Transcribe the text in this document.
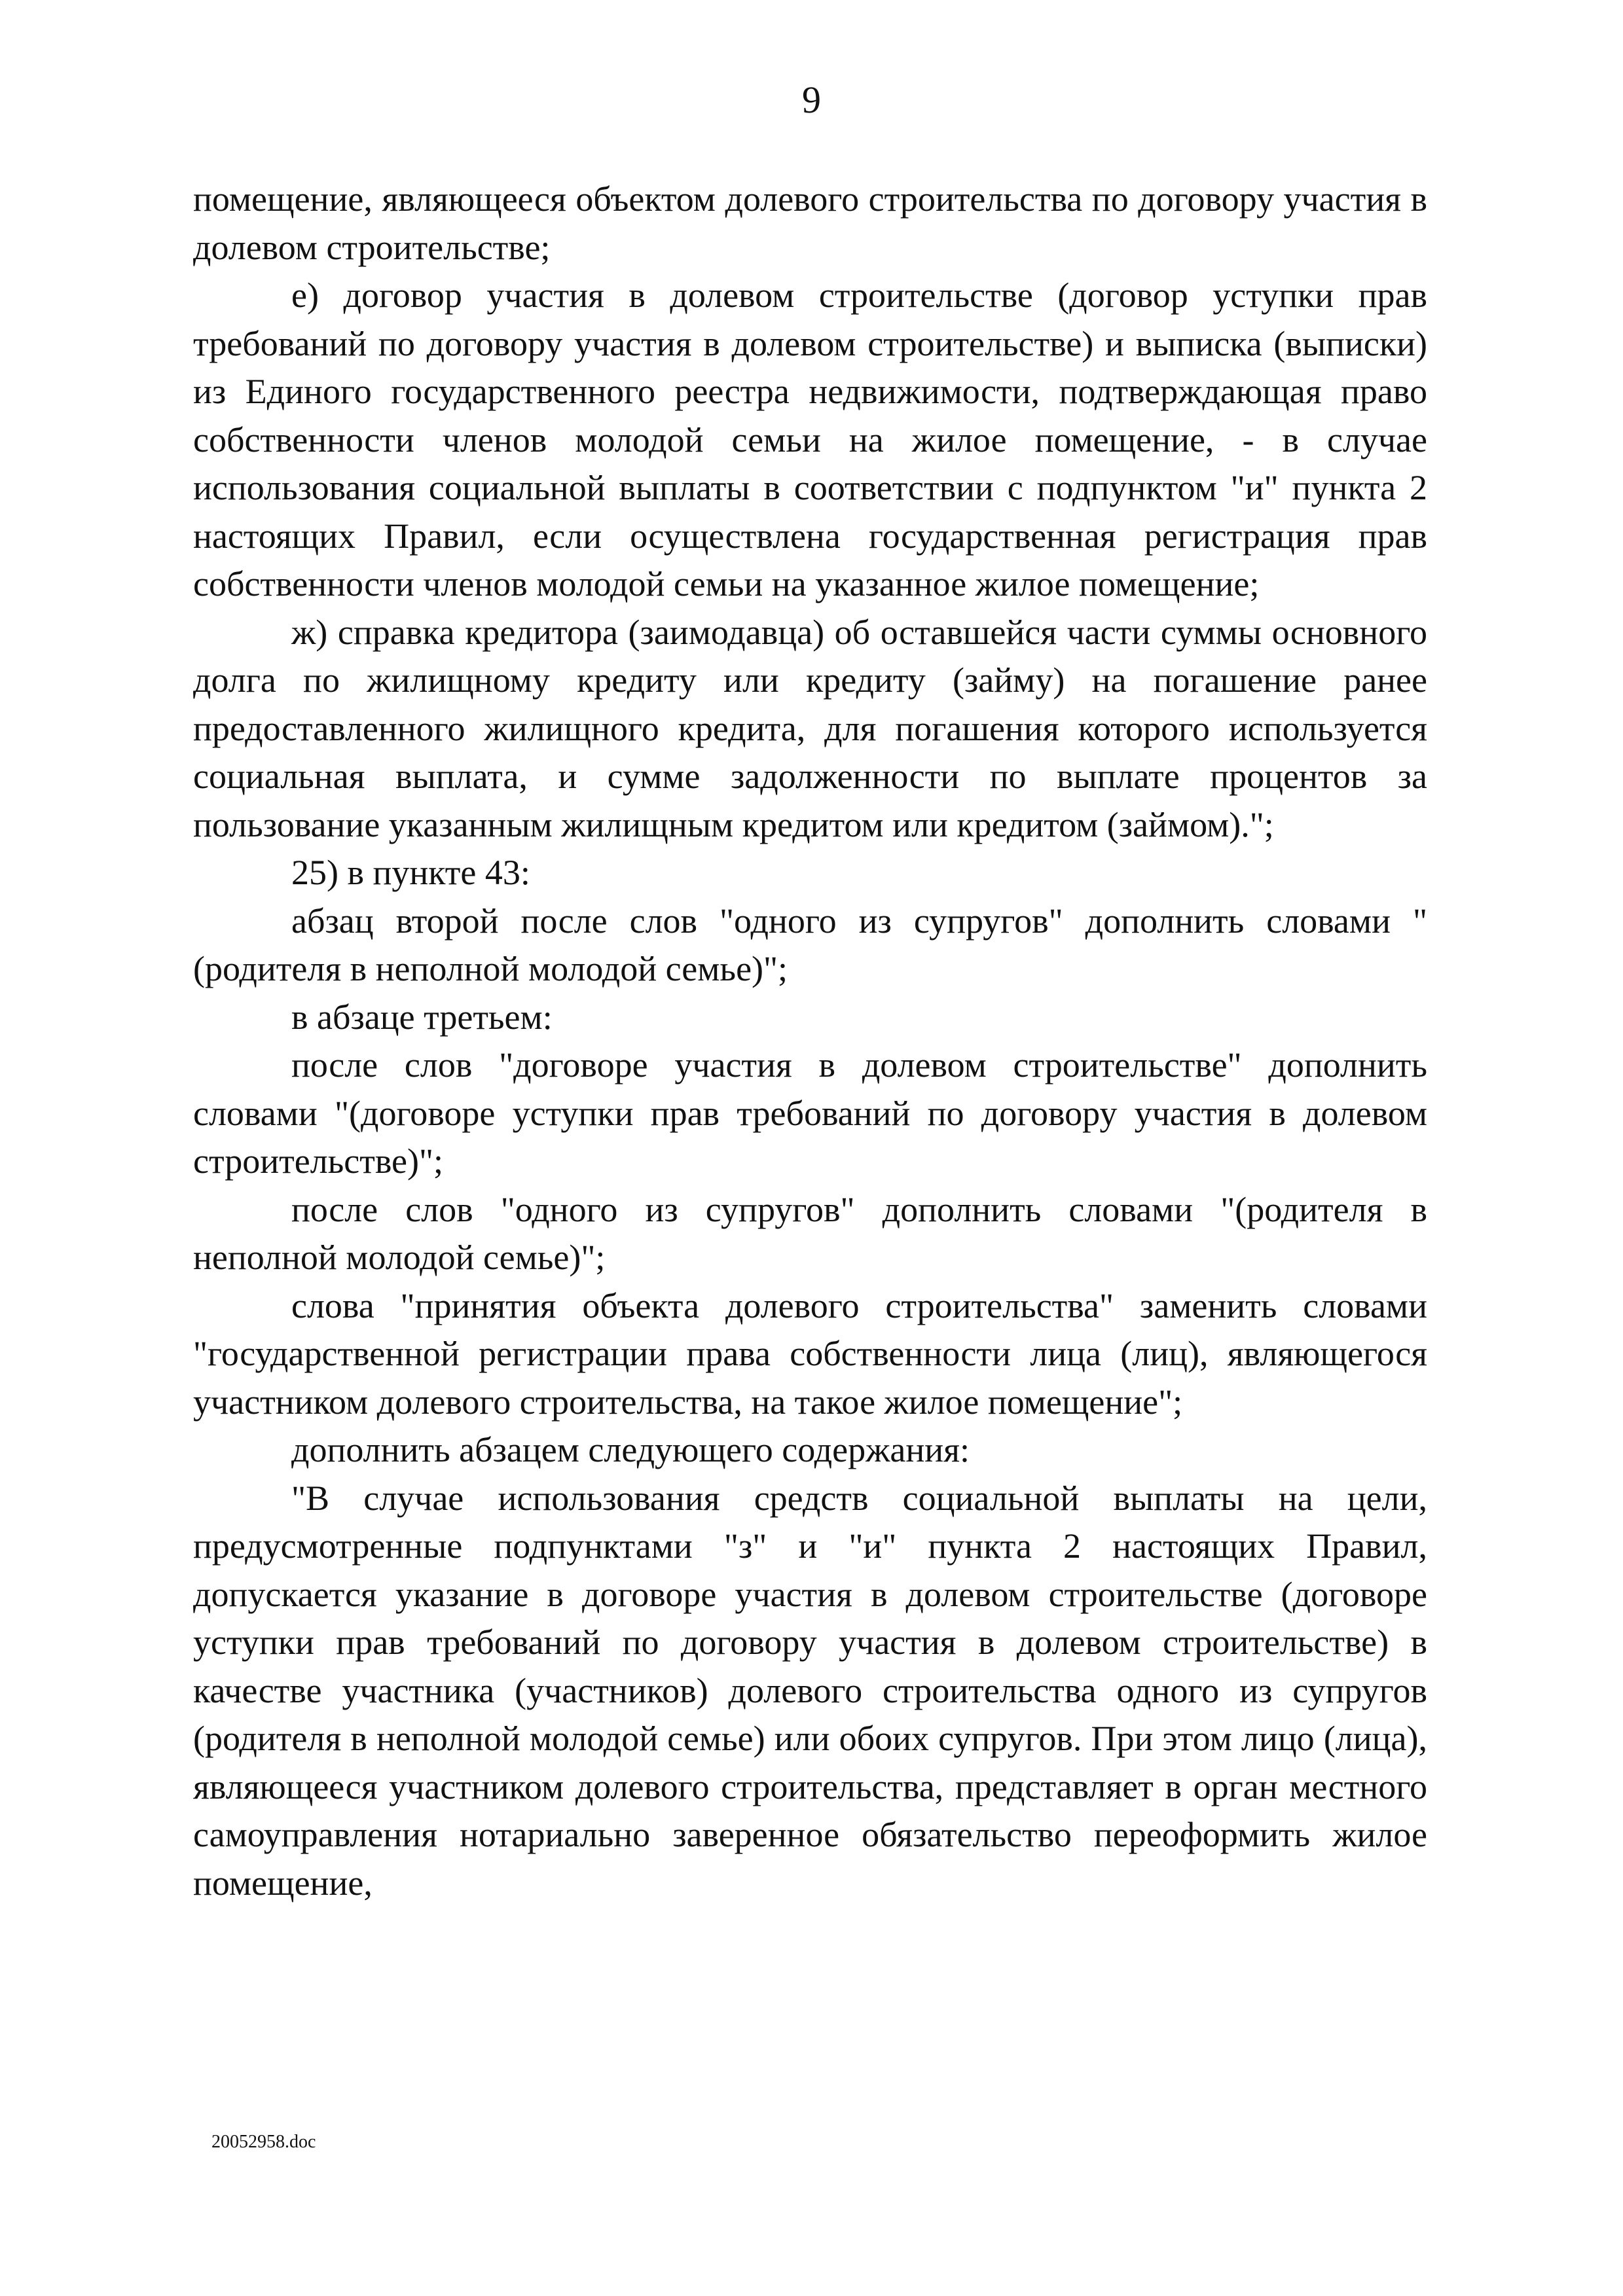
9

помещение, являющееся объектом долевого строительства по договору участия в долевом строительстве;

е) договор участия в долевом строительстве (договор уступки прав требований по договору участия в долевом строительстве) и выписка (выписки) из Единого государственного реестра недвижимости, подтверждающая право собственности членов молодой семьи на жилое помещение, - в случае использования социальной выплаты в соответствии с подпунктом "и" пункта 2 настоящих Правил, если осуществлена государственная регистрация прав собственности членов молодой семьи на указанное жилое помещение;

ж) справка кредитора (заимодавца) об оставшейся части суммы основного долга по жилищному кредиту или кредиту (займу) на погашение ранее предоставленного жилищного кредита, для погашения которого используется социальная выплата, и сумме задолженности по выплате процентов за пользование указанным жилищным кредитом или кредитом (займом).";

25) в пункте 43:

абзац второй после слов "одного из супругов" дополнить словами "(родителя в неполной молодой семье)";

в абзаце третьем:

после слов "договоре участия в долевом строительстве" дополнить словами "(договоре уступки прав требований по договору участия в долевом строительстве)";

после слов "одного из супругов" дополнить словами "(родителя в неполной молодой семье)";

слова "принятия объекта долевого строительства" заменить словами "государственной регистрации права собственности лица (лиц), являющегося участником долевого строительства, на такое жилое помещение";

дополнить абзацем следующего содержания:

"В случае использования средств социальной выплаты на цели, предусмотренные подпунктами "з" и "и" пункта 2 настоящих Правил, допускается указание в договоре участия в долевом строительстве (договоре уступки прав требований по договору участия в долевом строительстве) в качестве участника (участников) долевого строительства одного из супругов (родителя в неполной молодой семье) или обоих супругов. При этом лицо (лица), являющееся участником долевого строительства, представляет в орган местного самоуправления нотариально заверенное обязательство переоформить жилое помещение,

20052958.doc
